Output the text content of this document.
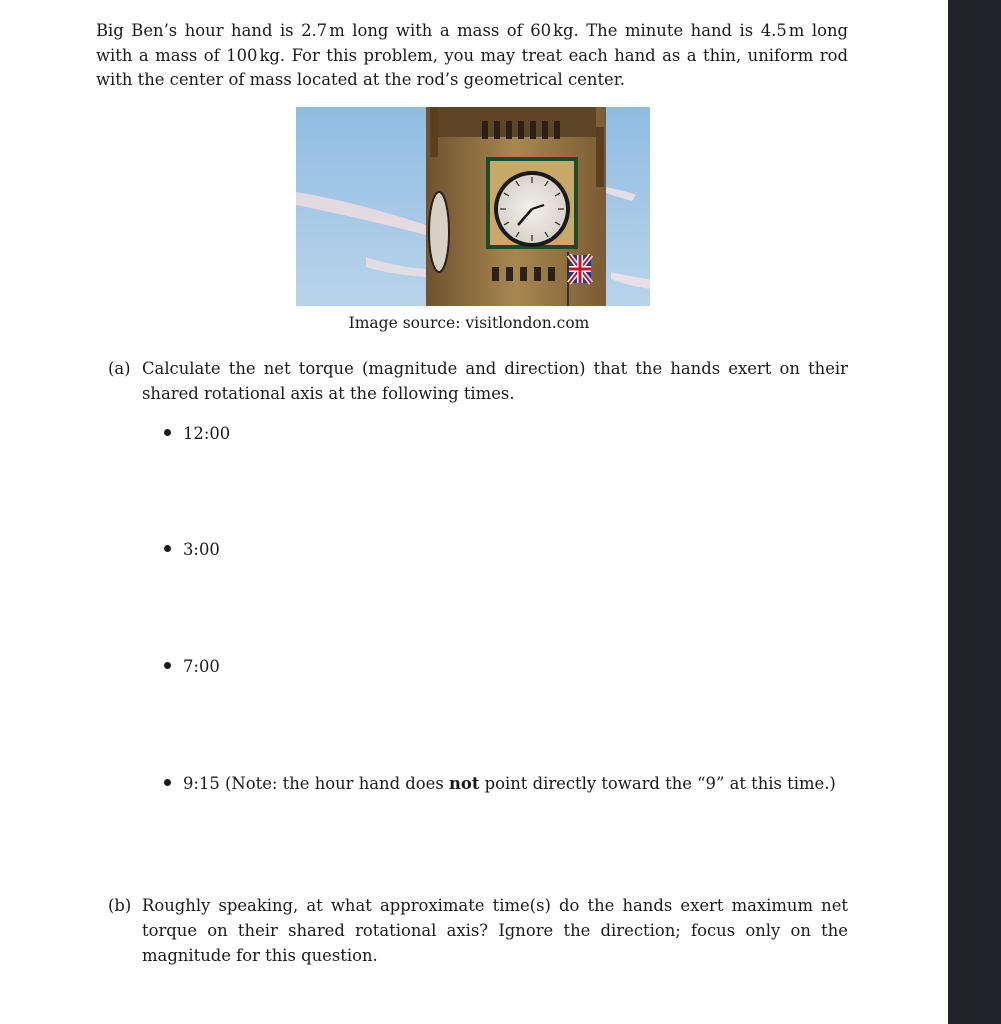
Big Ben’s hour hand is 2.7 m long with a mass of 60 kg. The minute hand is 4.5 m long with a mass of 100 kg. For this problem, you may treat each hand as a thin, uniform rod with the center of mass located at the rod’s geometrical center.

Image source: visitlondon.com
(a) Calculate the net torque (magnitude and direction) that the hands exert on their shared rotational axis at the following times.
12:00
3:00
7:00
9:15 (Note: the hour hand does not point directly toward the “9” at this time.)
(b) Roughly speaking, at what approximate time(s) do the hands exert maximum net torque on their shared rotational axis? Ignore the direction; focus only on the magnitude for this question.
